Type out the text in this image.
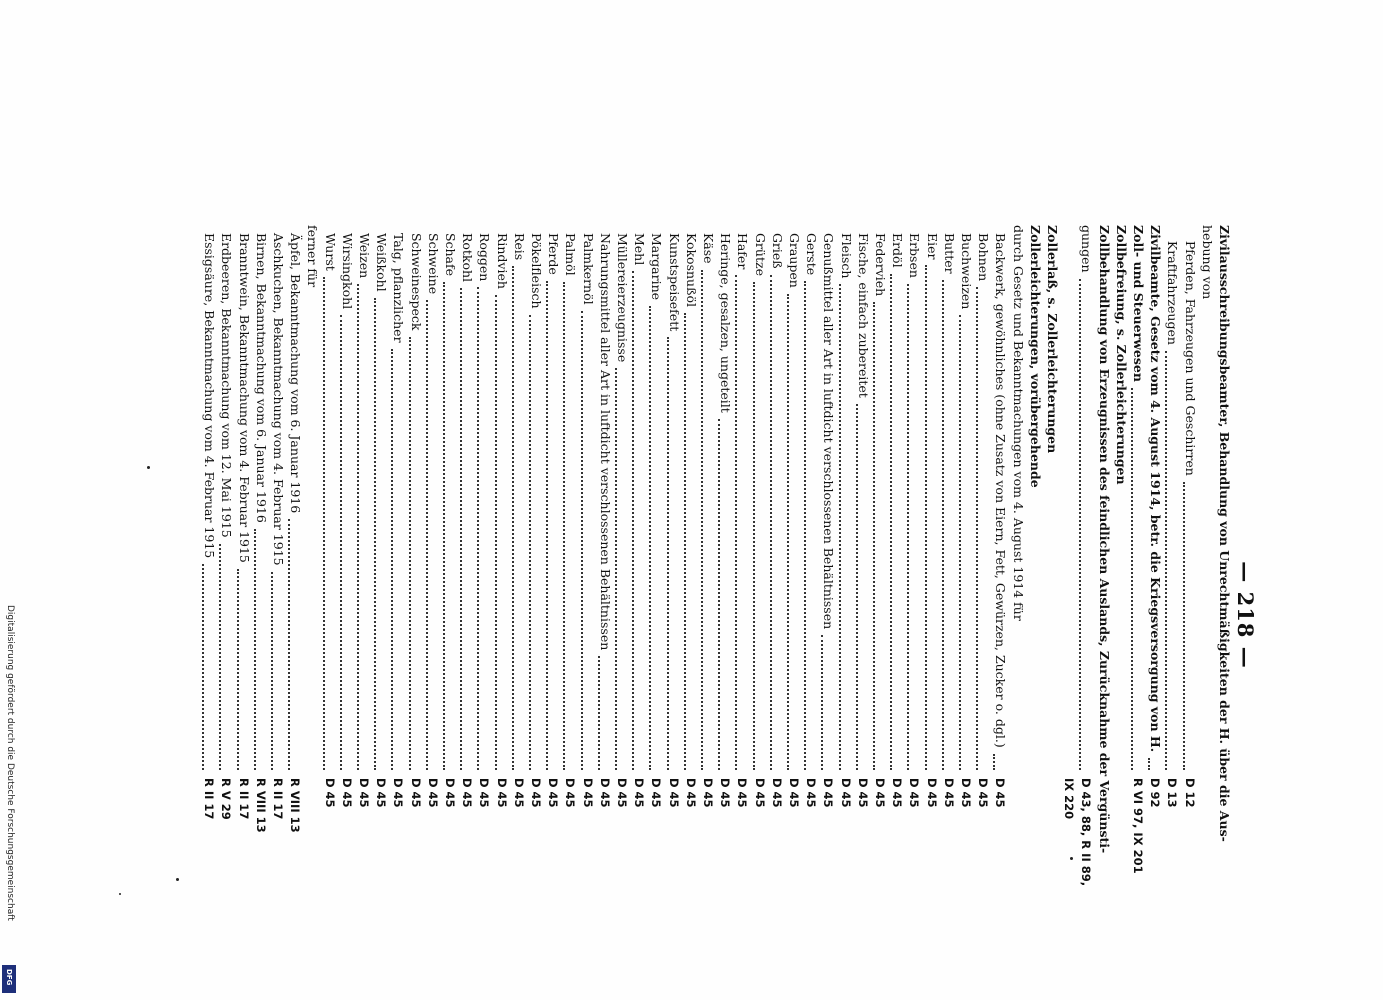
— 218 —
Zivilausschreibungsbeamter, Behandlung von Unrechtmäßigkeiten der H. über die Aus-
hebung von
Pferden, Fahrzeugen und Geschirren
D 12
Kraftfahrzeugen
D 13
Zivilbeamte, Gesetz vom 4. August 1914, betr. die Kriegsversorgung von H.
D 92
Zoll- und Steuerwesen
R VI 97, IX 201
Zollbefreiung, s. Zollerleichterungen
Zollbehandlung von Erzeugnissen des feindlichen Auslands, Zurücknahme der Vergünsti-
gungen
D 43, 88, R II 89,
IX 220
Zollerlaß, s. Zollerleichterungen
Zollerleichterungen, vorübergehende
durch Gesetz und Bekanntmachungen vom 4. August 1914 für
Backwerk, gewöhnliches (ohne Zusatz von Eiern, Fett, Gewürzen, Zucker o. dgl.)
D 45
Bohnen
D 45
Buchweizen
D 45
Butter
D 45
Eier
D 45
Erbsen
D 45
Erdöl
D 45
Federvieh
D 45
Fische, einfach zubereitet
D 45
Fleisch
D 45
Genußmittel aller Art in luftdicht verschlossenen Behältnissen
D 45
Gerste
D 45
Graupen
D 45
Grieß
D 45
Grütze
D 45
Hafer
D 45
Heringe, gesalzen, ungeteilt
D 45
Käse
D 45
Kokosnußöl
D 45
Kunstspeisefett
D 45
Margarine
D 45
Mehl
D 45
Müllereierzeugnisse
D 45
Nahrungsmittel aller Art in luftdicht verschlossenen Behältnissen
D 45
Palmkernöl
D 45
Palmöl
D 45
Pferde
D 45
Pökelfleisch
D 45
Reis
D 45
Rindvieh
D 45
Roggen
D 45
Rotkohl
D 45
Schafe
D 45
Schweine
D 45
Schweinespeck
D 45
Talg, pflanzlicher
D 45
Weißkohl
D 45
Weizen
D 45
Wirsingkohl
D 45
Wurst
D 45
ferner für
Äpfel, Bekanntmachung vom 6. Januar 1916
R VIII 13
Aschkuchen, Bekanntmachung vom 4. Februar 1915
R II 17
Birnen, Bekanntmachung vom 6. Januar 1916
R VIII 13
Branntwein, Bekanntmachung vom 4. Februar 1915
R II 17
Erdbeeren, Bekanntmachung vom 12. Mai 1915
R V 29
Essigsäure, Bekanntmachung vom 4. Februar 1915
R II 17
Digitalisierung gefördert durch die Deutsche Forschungsgemeinschaft
DFG
